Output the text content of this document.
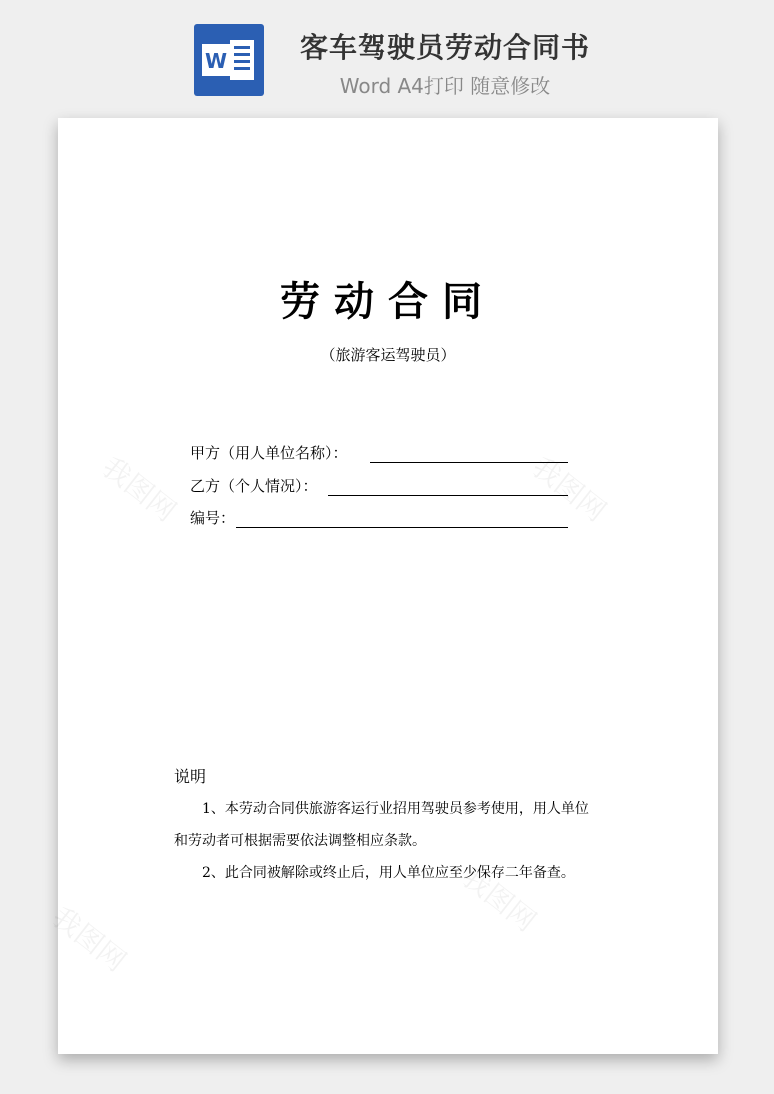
W	客车驾驶员劳动合同书
Word A4打印 随意修改
我图网	我图网
我图网
我图网
劳动合同
（旅游客运驾驶员）
甲方（用人单位名称）：
乙方（个人情况）：
编号：
说明
1、本劳动合同供旅游客运行业招用驾驶员参考使用，用人单位
和劳动者可根据需要依法调整相应条款。
2、此合同被解除或终止后，用人单位应至少保存二年备查。
